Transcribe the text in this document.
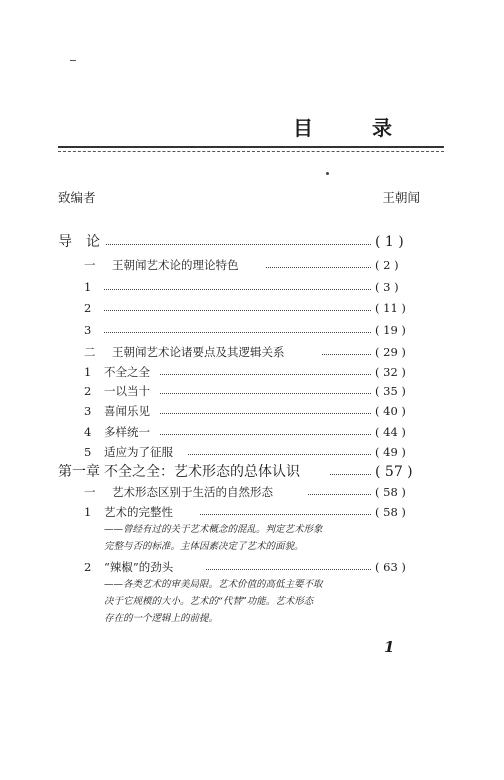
目 录
致编者	王朝闻
导　论	( 1 )
一 王朝闻艺术论的理论特色	( 2 )
1	( 3 )
2	( 11 )
3	( 19 )
二 王朝闻艺术论诸要点及其逻辑关系	( 29 )
1 不全之全	( 32 )
2 一以当十	( 35 )
3 喜闻乐见	( 40 )
4 多样统一	( 44 )
5 适应为了征服	( 49 )
第一章 不全之全：艺术形态的总体认识	( 57 )
一 艺术形态区别于生活的自然形态	( 58 )
1 艺术的完整性	( 58 )
——曾经有过的关于艺术概念的混乱。判定艺术形象
完整与否的标准。主体因素决定了艺术的面貌。
2 “辣椒”的劲头	( 63 )
——各类艺术的审美局限。艺术价值的高低主要不取
决于它规模的大小。艺术的“代替”功能。艺术形态
存在的一个逻辑上的前提。
1
